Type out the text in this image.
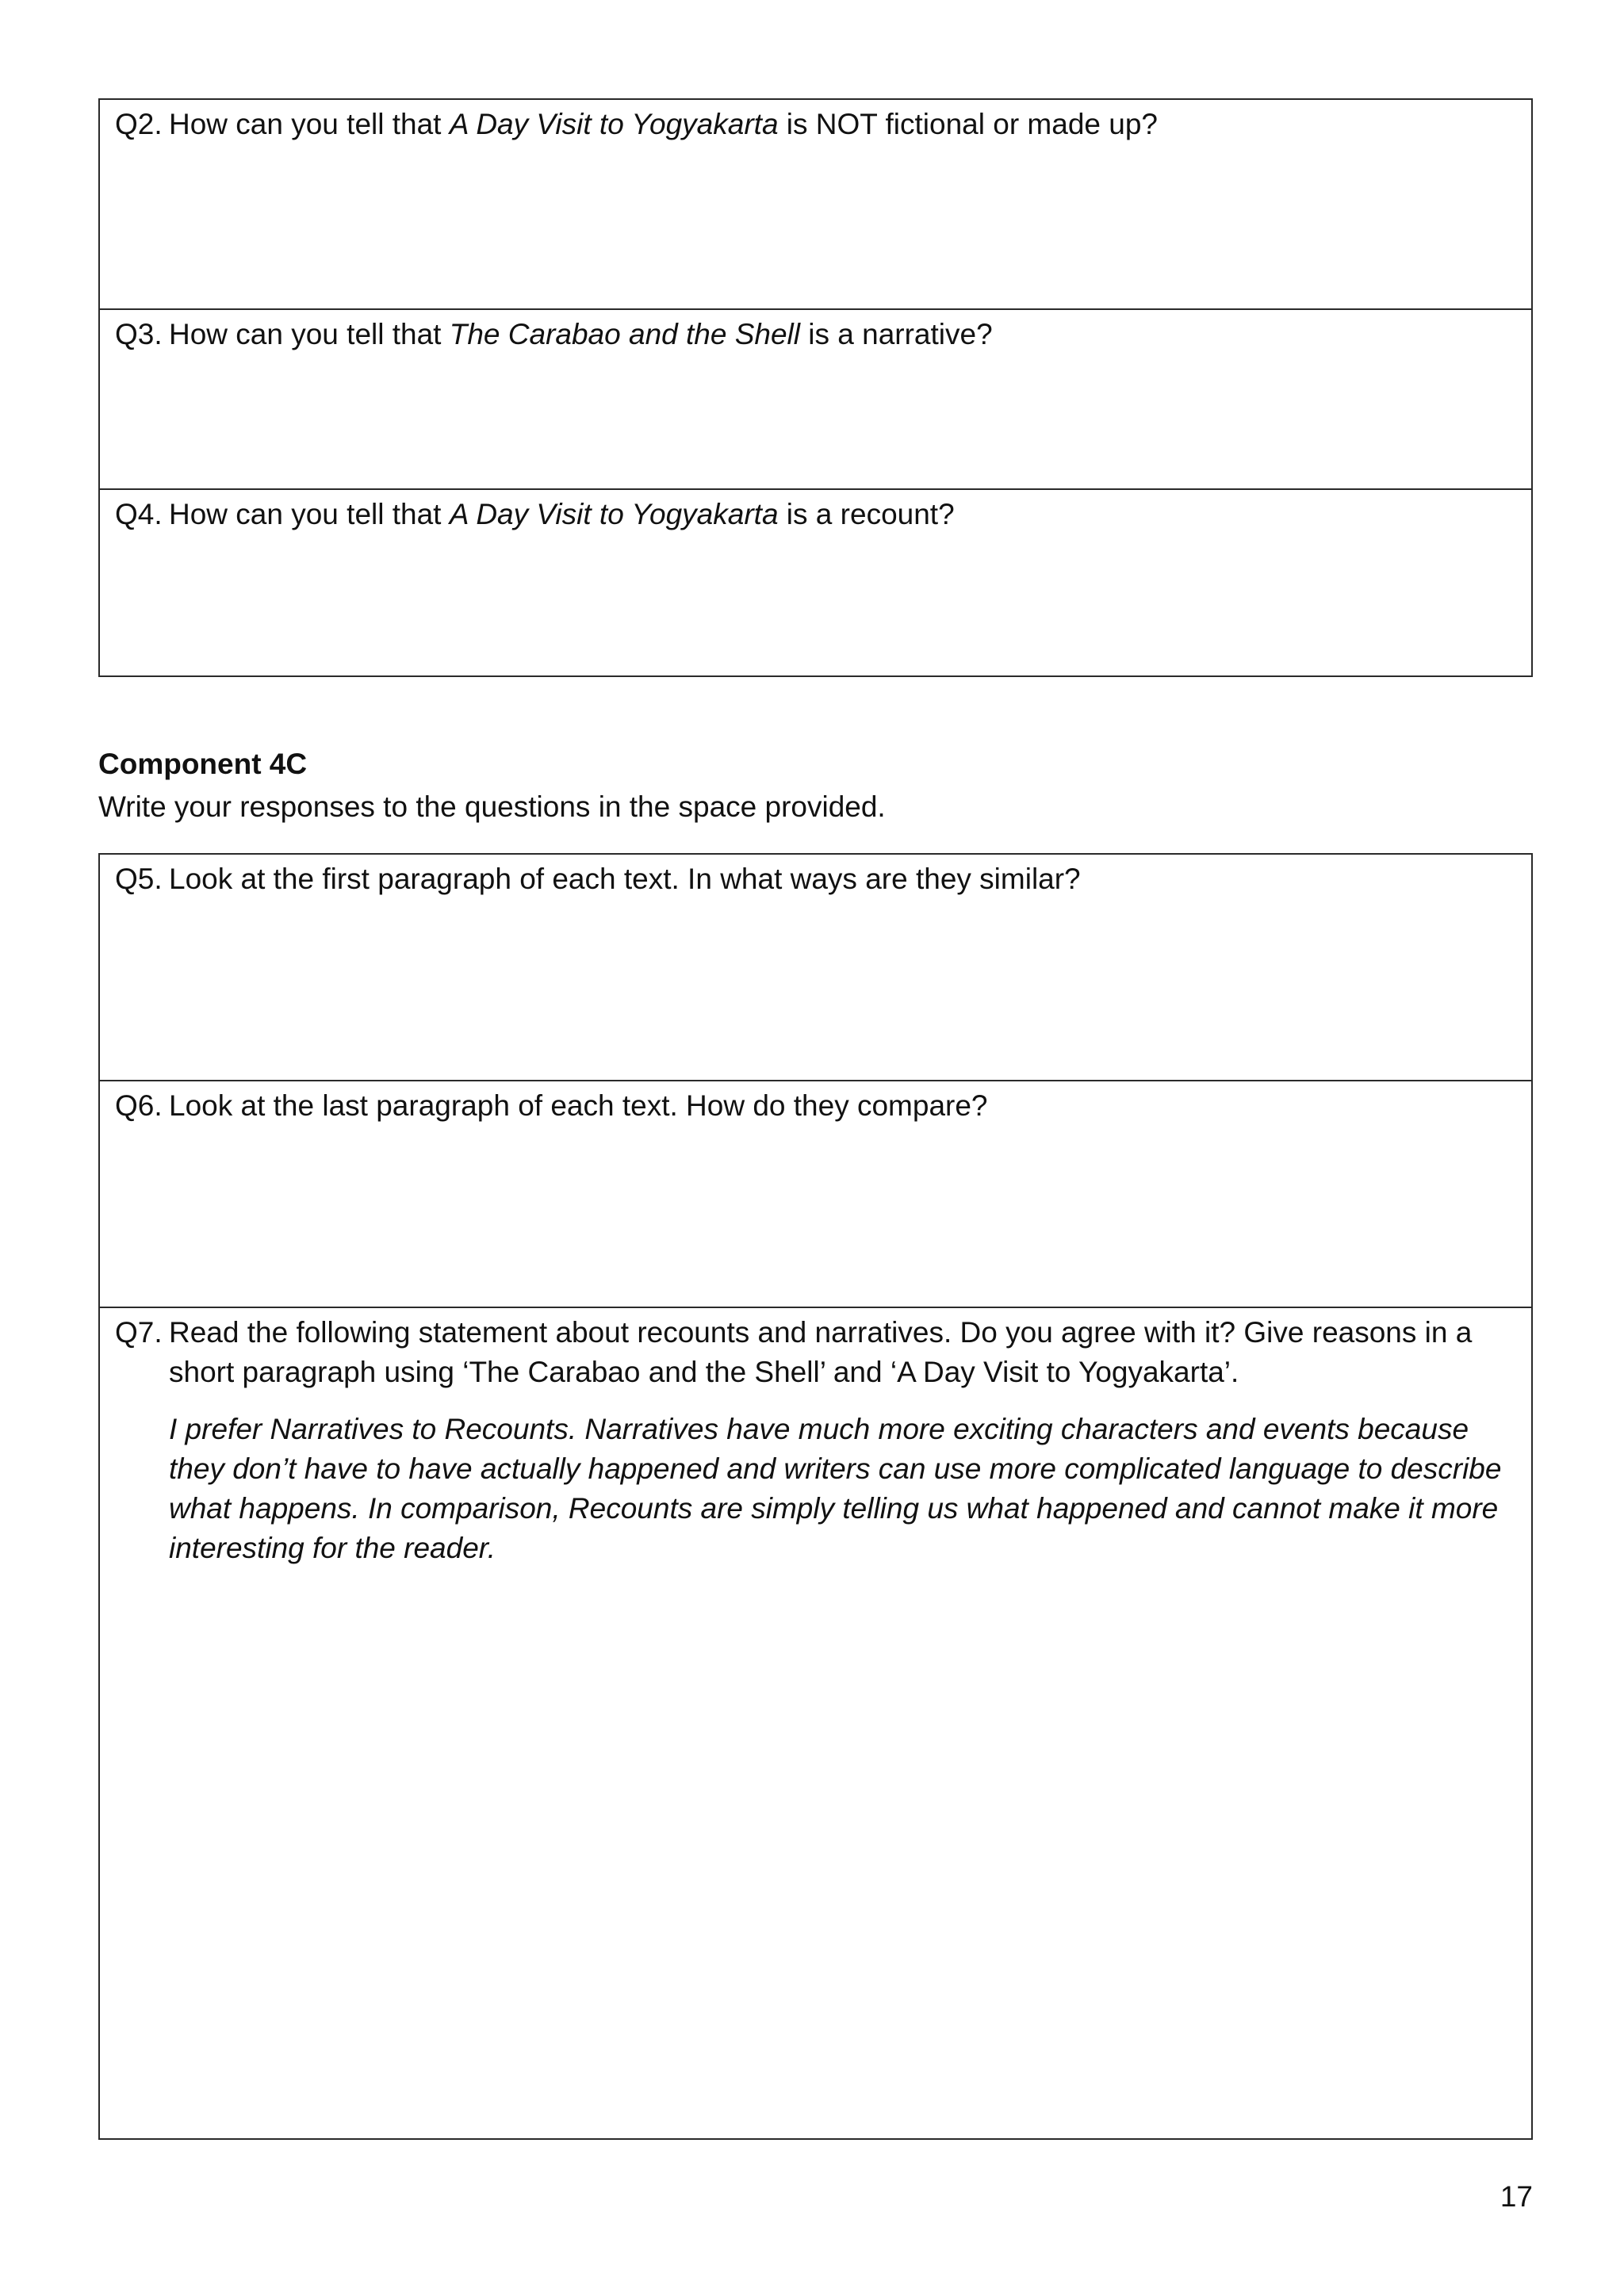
Q2. How can you tell that A Day Visit to Yogyakarta is NOT fictional or made up?
Q3. How can you tell that The Carabao and the Shell is a narrative?
Q4. How can you tell that A Day Visit to Yogyakarta is a recount?
Component 4C
Write your responses to the questions in the space provided.
Q5. Look at the first paragraph of each text. In what ways are they similar?
Q6. Look at the last paragraph of each text. How do they compare?
Q7. Read the following statement about recounts and narratives. Do you agree with it? Give reasons in a short paragraph using ‘The Carabao and the Shell’ and ‘A Day Visit to Yogyakarta’.
I prefer Narratives to Recounts. Narratives have much more exciting characters and events because they don’t have to have actually happened and writers can use more complicated language to describe what happens. In comparison, Recounts are simply telling us what happened and cannot make it more interesting for the reader.
17
